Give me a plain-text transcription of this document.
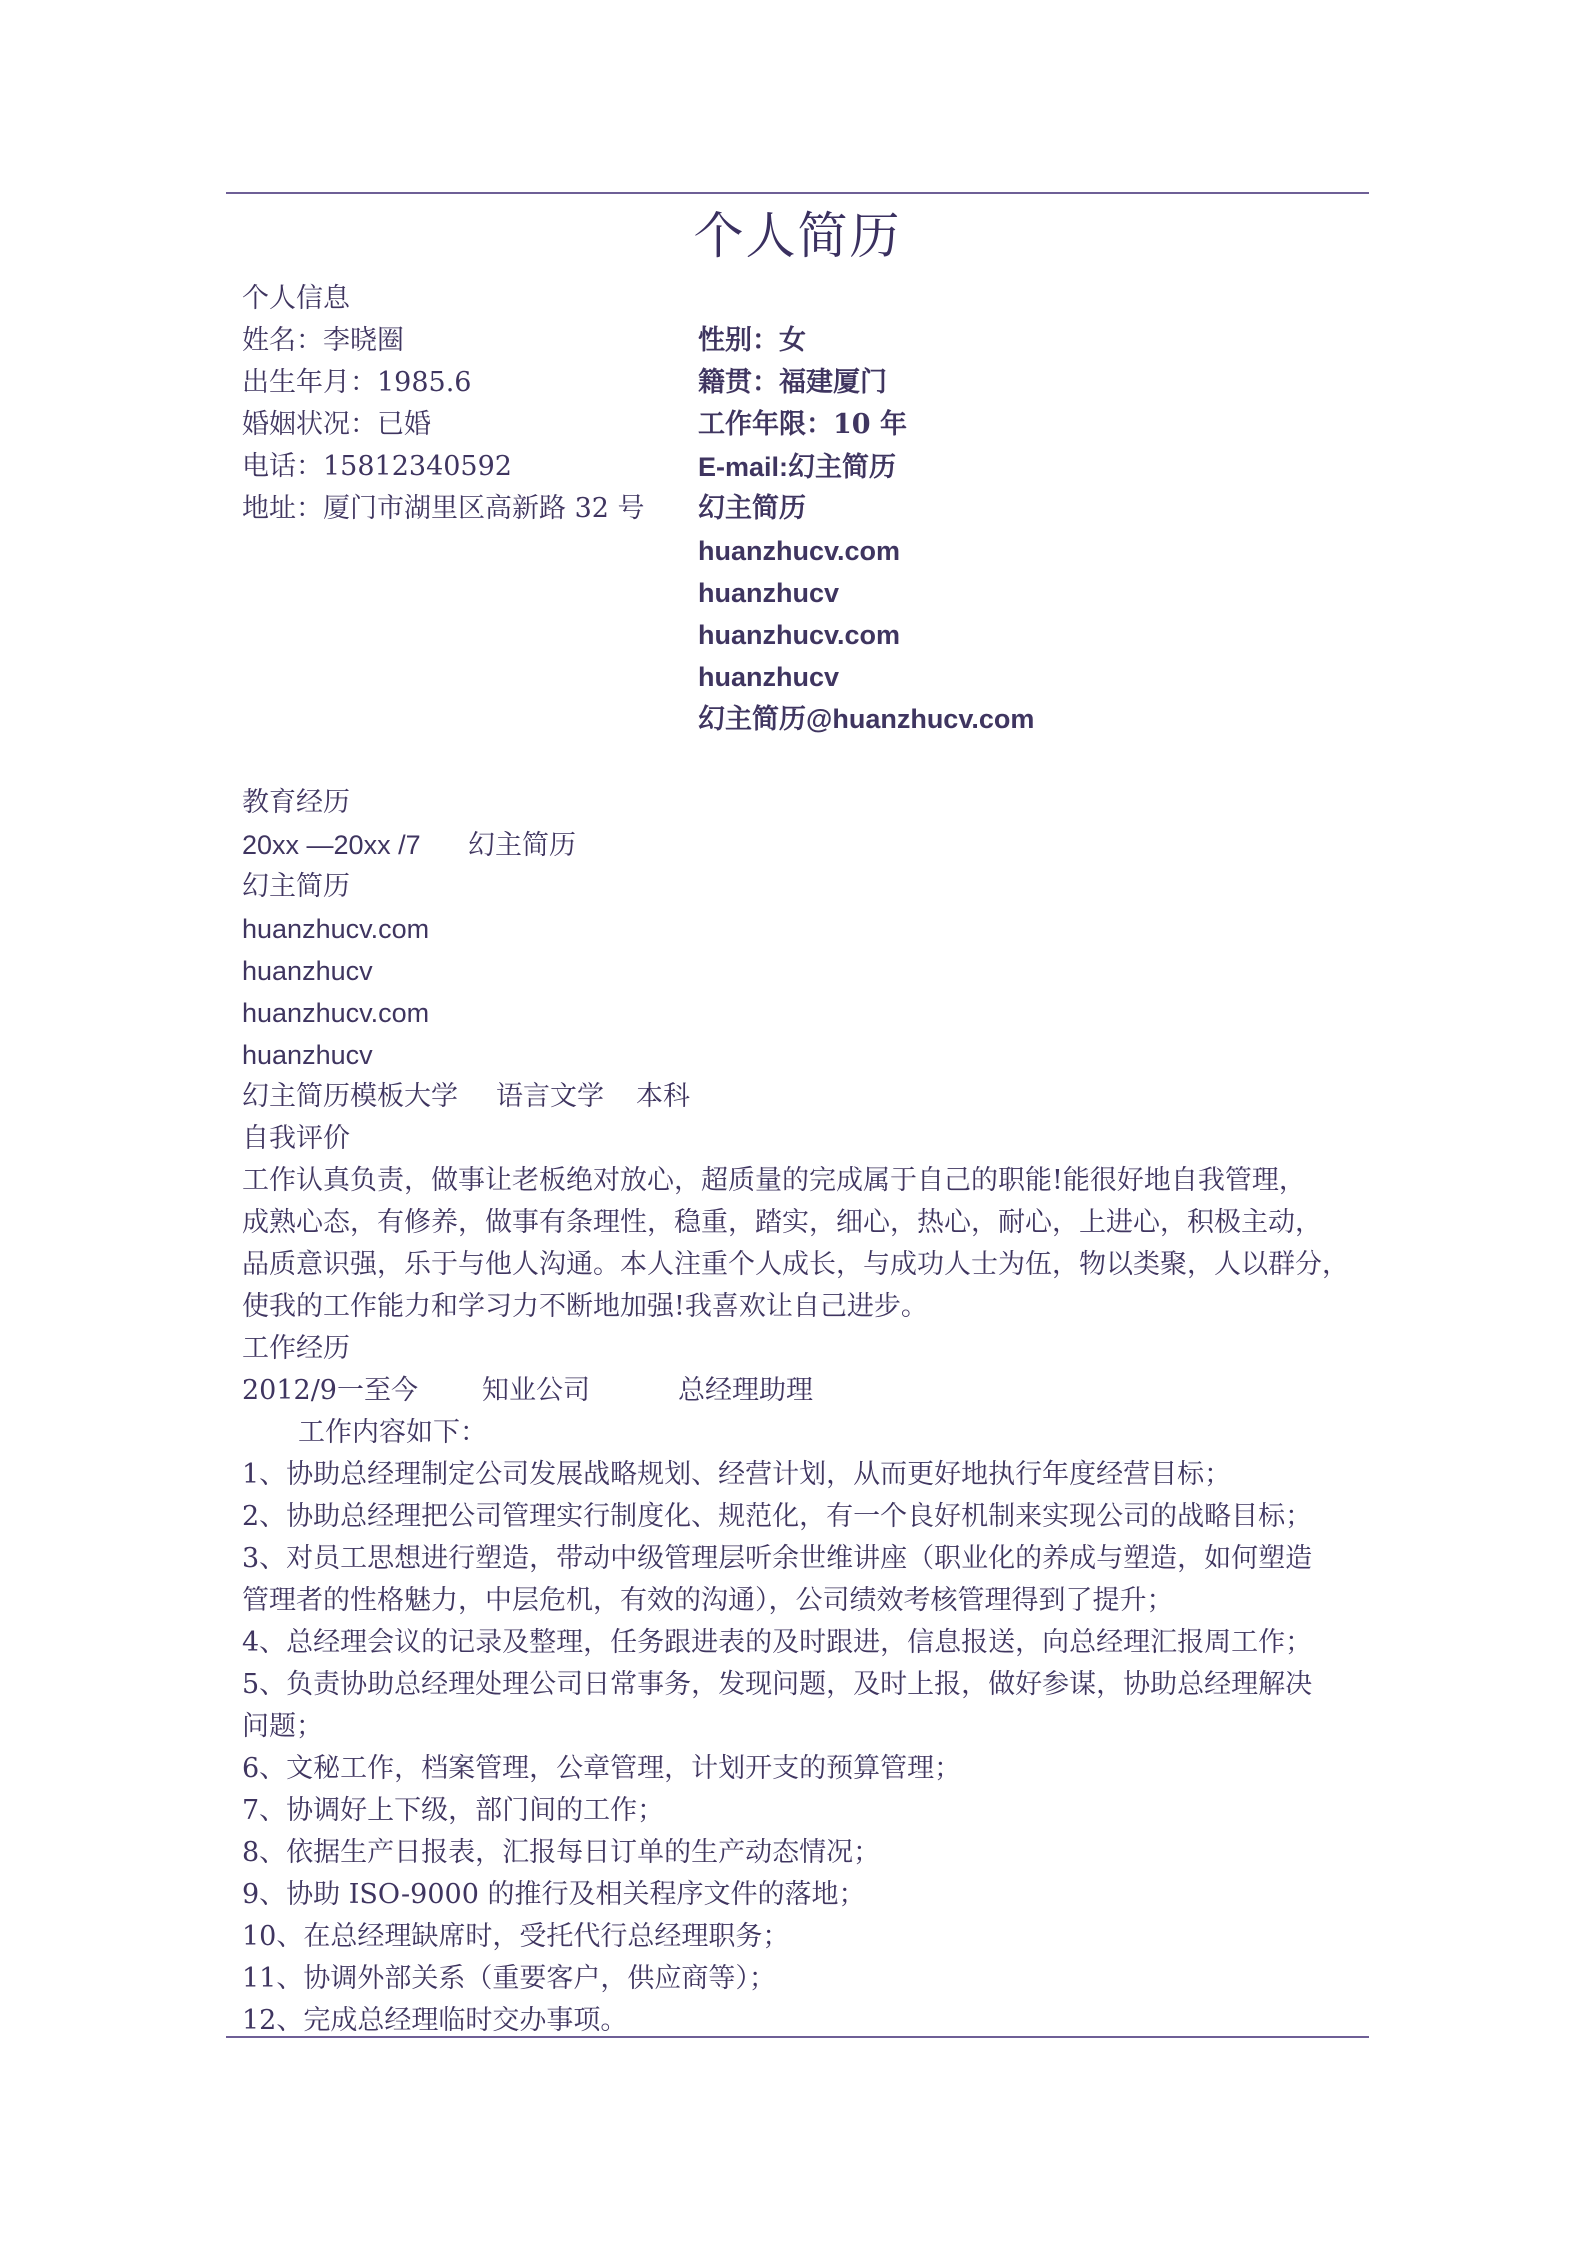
个人简历
个人信息
姓名：李晓圈
出生年月：1985.6
婚姻状况：已婚
电话：15812340592
地址：厦门市湖里区高新路 32 号
性别：女
籍贯：福建厦门
工作年限：10 年
E-mail:幻主简历
幻主简历
huanzhucv.com
huanzhucv
huanzhucv.com
huanzhucv
幻主简历@huanzhucv.com
教育经历
20xx —20xx /7 幻主简历
幻主简历
huanzhucv.com
huanzhucv
huanzhucv.com
huanzhucv
幻主简历模板大学 语言文学 本科
自我评价
工作认真负责，做事让老板绝对放心，超质量的完成属于自己的职能!能很好地自我管理，
成熟心态，有修养，做事有条理性，稳重，踏实，细心，热心，耐心，上进心，积极主动，
品质意识强，乐于与他人沟通。本人注重个人成长，与成功人士为伍，物以类聚，人以群分，
使我的工作能力和学习力不断地加强!我喜欢让自己进步。
工作经历
2012/9一至今 知业公司	总经理助理
工作内容如下：
1、协助总经理制定公司发展战略规划、经营计划，从而更好地执行年度经营目标；
2、协助总经理把公司管理实行制度化、规范化，有一个良好机制来实现公司的战略目标；
3、对员工思想进行塑造，带动中级管理层听余世维讲座（职业化的养成与塑造，如何塑造
管理者的性格魅力，中层危机，有效的沟通），公司绩效考核管理得到了提升；
4、总经理会议的记录及整理，任务跟进表的及时跟进，信息报送，向总经理汇报周工作；
5、负责协助总经理处理公司日常事务，发现问题，及时上报，做好参谋，协助总经理解决
问题；
6、文秘工作，档案管理，公章管理，计划开支的预算管理；
7、协调好上下级，部门间的工作；
8、依据生产日报表，汇报每日订单的生产动态情况；
9、协助 ISO-9000 的推行及相关程序文件的落地；
10、在总经理缺席时，受托代行总经理职务；
11、协调外部关系（重要客户，供应商等）；
12、完成总经理临时交办事项。
